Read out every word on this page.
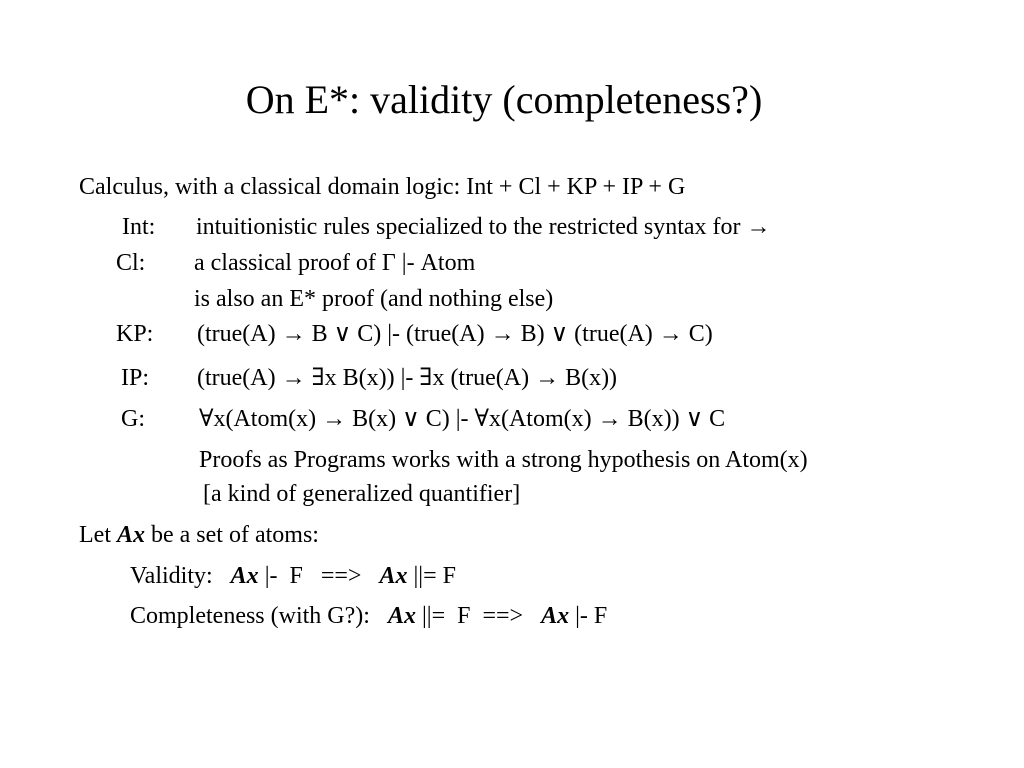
On E*: validity (completeness?)
Calculus, with a classical domain logic: Int + Cl + KP + IP + G
Int: intuitionistic rules specialized to the restricted syntax for →
Cl: a classical proof of Γ |- Atom
is also an E* proof (and nothing else)
KP: (true(A) → B ∨ C) |- (true(A) → B) ∨ (true(A) → C)
IP: (true(A) → ∃x B(x)) |- ∃x (true(A) → B(x))
G: ∀x(Atom(x) → B(x) ∨ C) |- ∀x(Atom(x) → B(x)) ∨ C
Proofs as Programs works with a strong hypothesis on Atom(x)
[a kind of generalized quantifier]
Let Ax be a set of atoms:
Validity: Ax |-  F   ==>   Ax ||= F
Completeness (with G?): Ax ||=  F  ==>   Ax |- F
